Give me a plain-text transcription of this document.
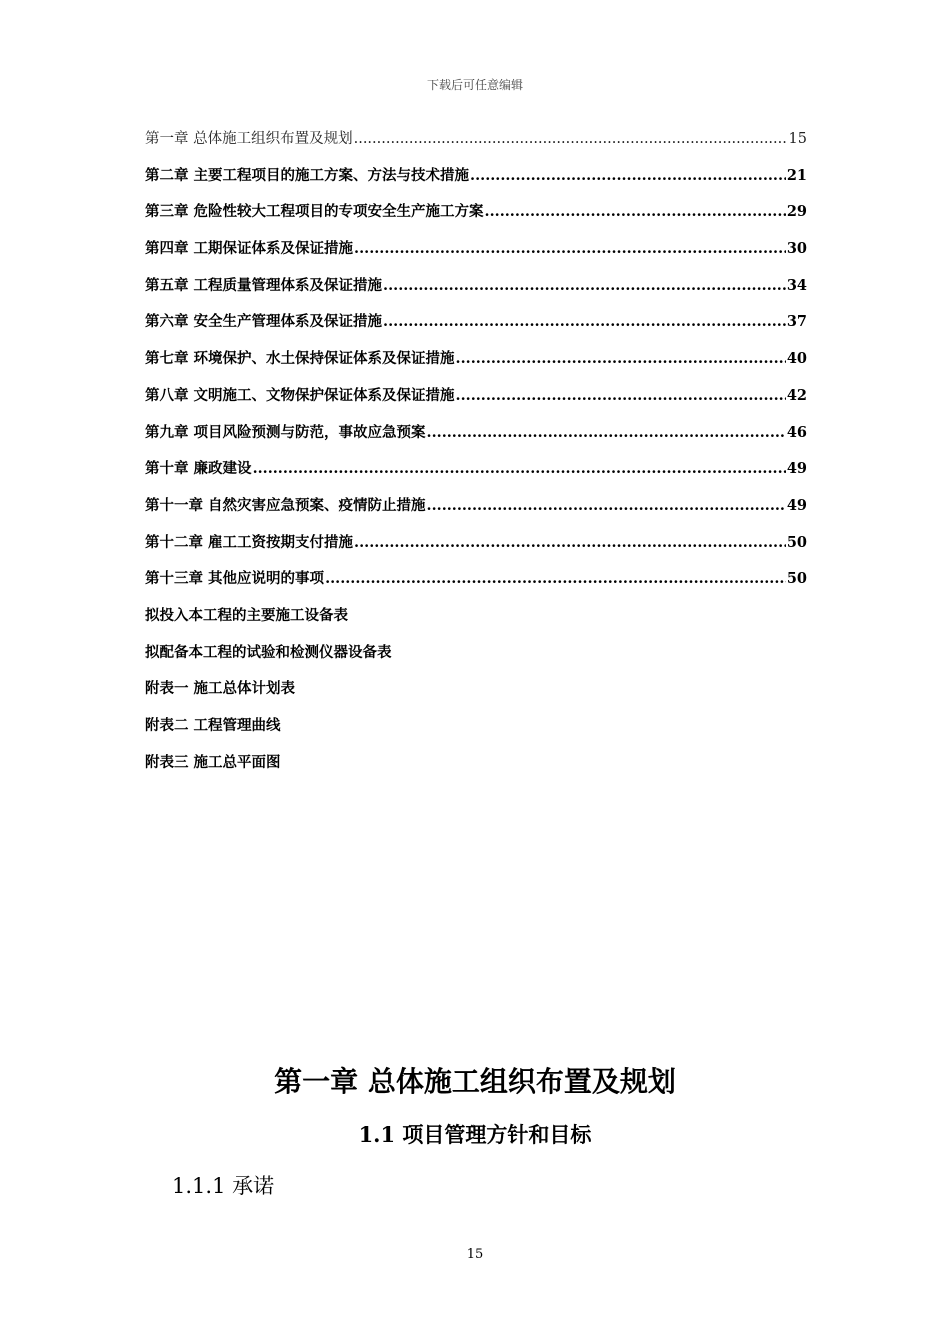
下载后可任意编辑
第一章 总体施工组织布置及规划 .....	15
第二章 主要工程项目的施工方案、方法与技术措施 .....	21
第三章 危险性较大工程项目的专项安全生产施工方案 .....	29
第四章 工期保证体系及保证措施 .....	30
第五章 工程质量管理体系及保证措施 .....	34
第六章 安全生产管理体系及保证措施 .....	37
第七章 环境保护、水土保持保证体系及保证措施 .....	40
第八章 文明施工、文物保护保证体系及保证措施 .....	42
第九章 项目风险预测与防范，事故应急预案 .....	46
第十章 廉政建设 .....	49
第十一章 自然灾害应急预案、疫情防止措施 .....	49
第十二章 雇工工资按期支付措施 .....	50
第十三章 其他应说明的事项 .....	50
拟投入本工程的主要施工设备表
拟配备本工程的试验和检测仪器设备表
附表一 施工总体计划表
附表二 工程管理曲线
附表三 施工总平面图
第一章 总体施工组织布置及规划
1.1 项目管理方针和目标
1.1.1 承诺
15
